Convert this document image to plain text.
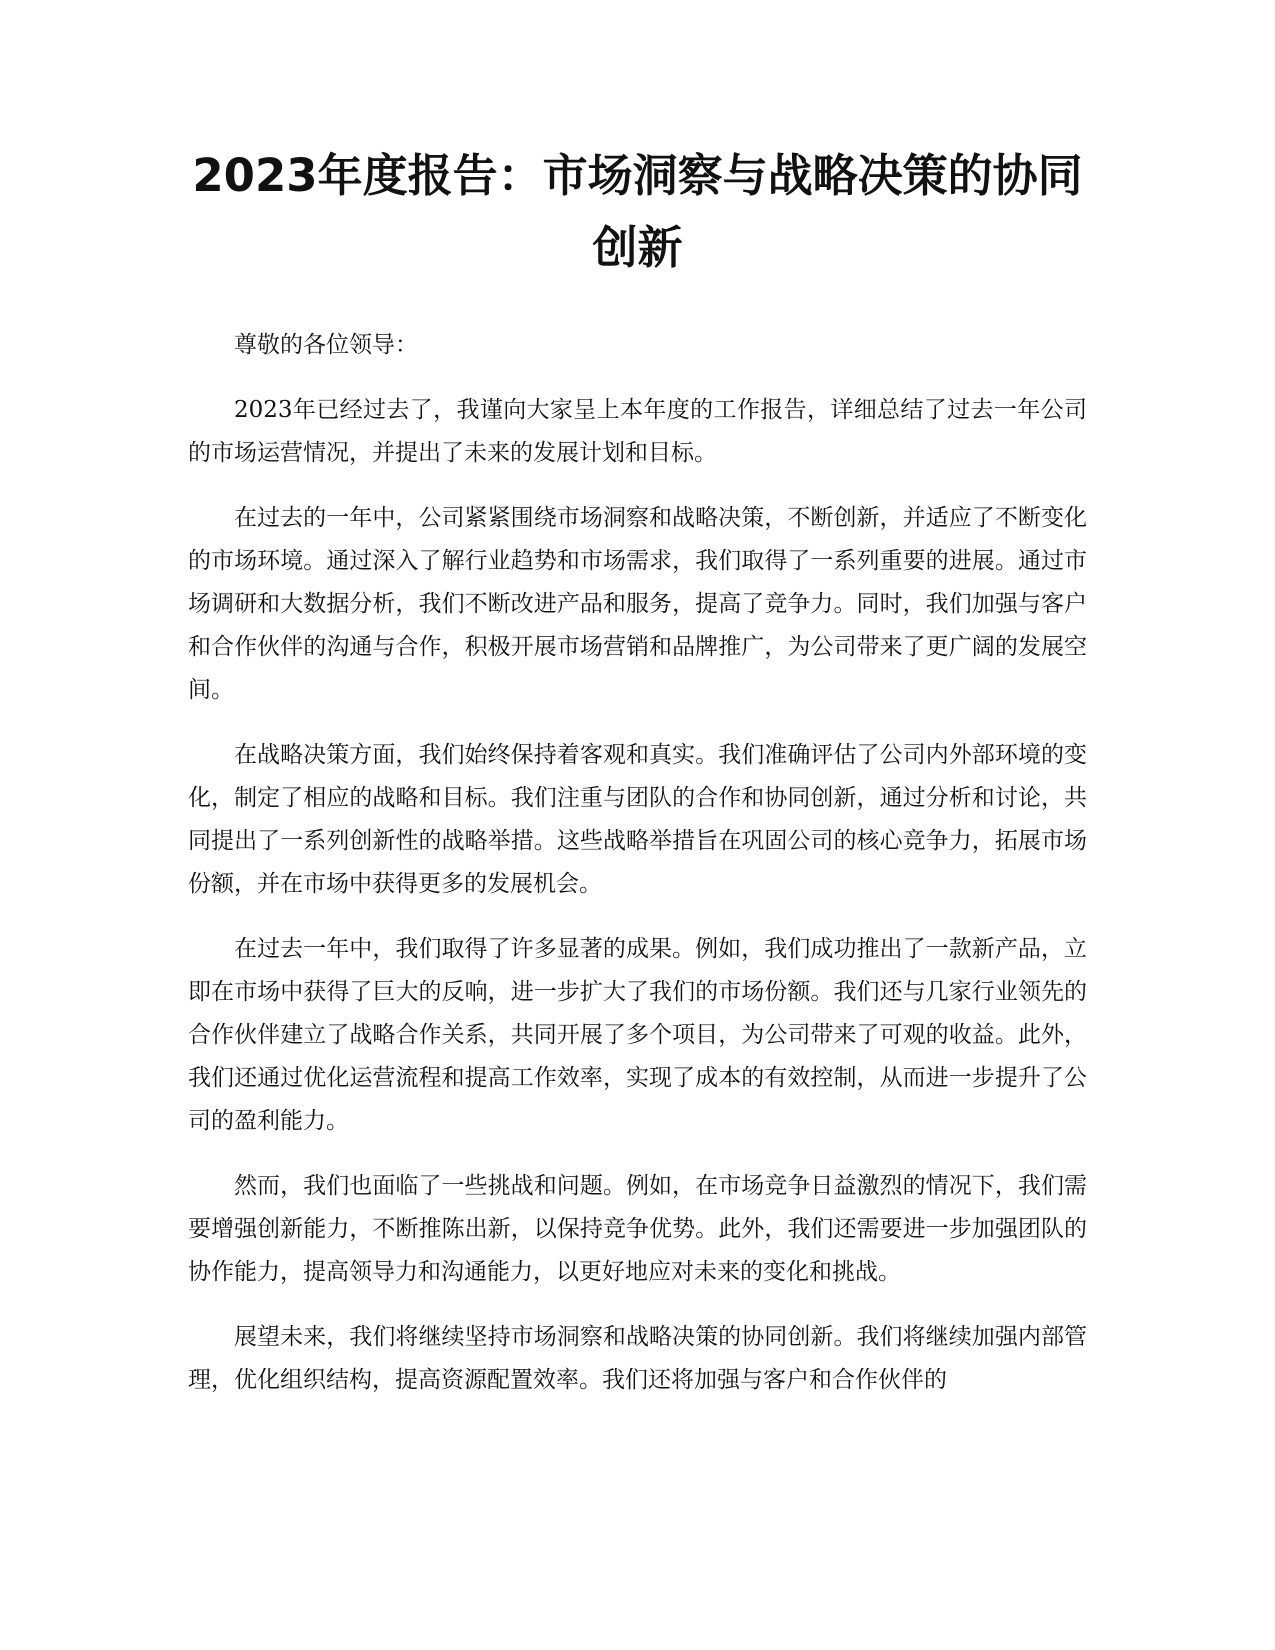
2023年度报告：市场洞察与战略决策的协同创新

尊敬的各位领导：

2023年已经过去了，我谨向大家呈上本年度的工作报告，详细总结了过去一年公司的市场运营情况，并提出了未来的发展计划和目标。

在过去的一年中，公司紧紧围绕市场洞察和战略决策，不断创新，并适应了不断变化的市场环境。通过深入了解行业趋势和市场需求，我们取得了一系列重要的进展。通过市场调研和大数据分析，我们不断改进产品和服务，提高了竞争力。同时，我们加强与客户和合作伙伴的沟通与合作，积极开展市场营销和品牌推广，为公司带来了更广阔的发展空间。

在战略决策方面，我们始终保持着客观和真实。我们准确评估了公司内外部环境的变化，制定了相应的战略和目标。我们注重与团队的合作和协同创新，通过分析和讨论，共同提出了一系列创新性的战略举措。这些战略举措旨在巩固公司的核心竞争力，拓展市场份额，并在市场中获得更多的发展机会。

在过去一年中，我们取得了许多显著的成果。例如，我们成功推出了一款新产品，立即在市场中获得了巨大的反响，进一步扩大了我们的市场份额。我们还与几家行业领先的合作伙伴建立了战略合作关系，共同开展了多个项目，为公司带来了可观的收益。此外，我们还通过优化运营流程和提高工作效率，实现了成本的有效控制，从而进一步提升了公司的盈利能力。

然而，我们也面临了一些挑战和问题。例如，在市场竞争日益激烈的情况下，我们需要增强创新能力，不断推陈出新，以保持竞争优势。此外，我们还需要进一步加强团队的协作能力，提高领导力和沟通能力，以更好地应对未来的变化和挑战。

展望未来，我们将继续坚持市场洞察和战略决策的协同创新。我们将继续加强内部管理，优化组织结构，提高资源配置效率。我们还将加强与客户和合作伙伴的
